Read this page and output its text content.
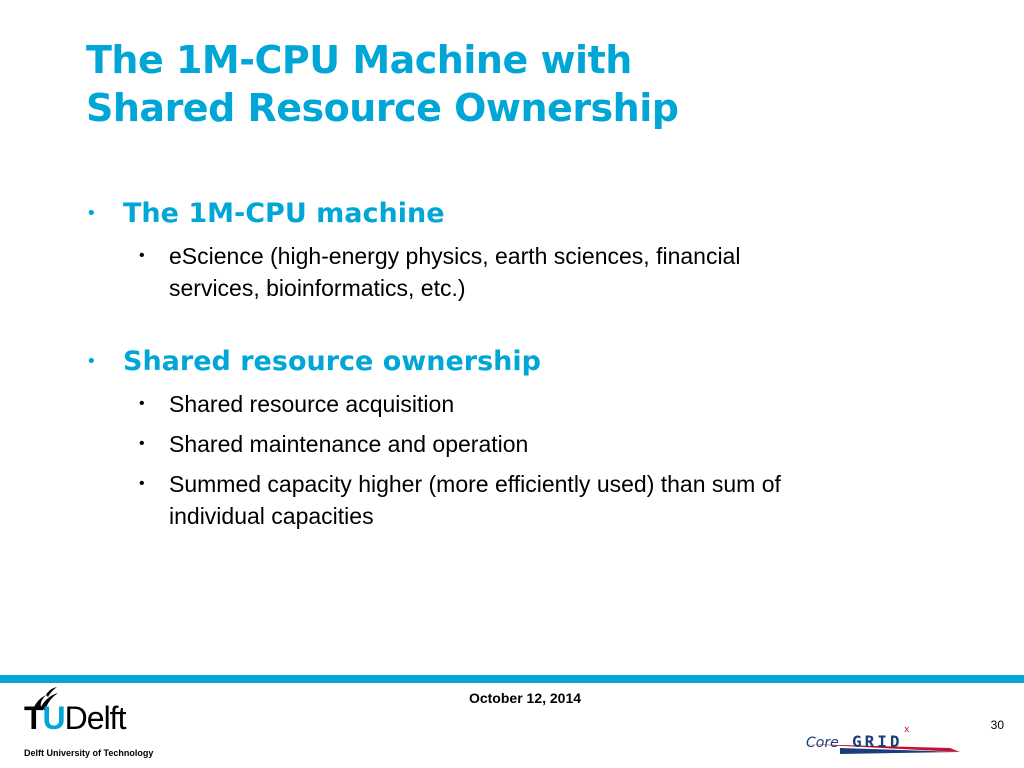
The 1M-CPU Machine with
Shared Resource Ownership
• The 1M-CPU machine
• eScience (high-energy physics, earth sciences, financial
services, bioinformatics, etc.)
• Shared resource ownership
• Shared resource acquisition
• Shared maintenance and operation
• Summed capacity higher (more efficiently used) than sum of
individual capacities
October 12, 2014
30
TUDelft
Delft University of Technology
Core GRID
x
